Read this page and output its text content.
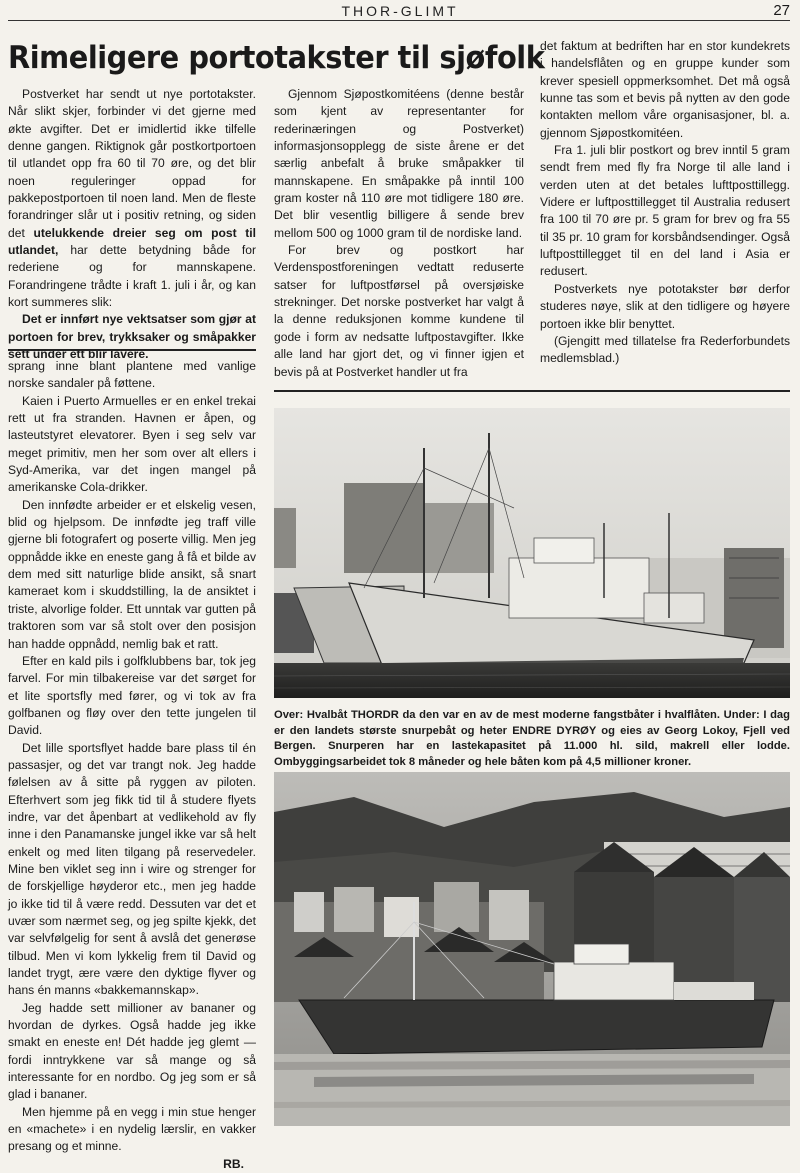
THOR-GLIMT	27
Rimeligere portotakster til sjøfolk

Postverket har sendt ut nye portotakster. Når slikt skjer, forbinder vi det gjerne med økte avgifter. Det er imidlertid ikke tilfelle denne gangen. Riktignok går postkortportoen til utlandet opp fra 60 til 70 øre, og det blir noen reguleringer oppad for pakkepostportoen til noen land. Men de fleste forandringer slår ut i positiv retning, og siden det utelukkende dreier seg om post til utlandet, har dette betydning både for rederiene og for mannskapene. Forandringene trådte i kraft 1. juli i år, og kan kort summeres slik:

Det er innført nye vektsatser som gjør at portoen for brev, trykksaker og småpakker sett under ett blir lavere.

Gjennom Sjøpostkomitéens (denne består som kjent av representanter for rederinæringen og Postverket) informasjonsopplegg de siste årene er det særlig anbefalt å bruke småpakker til mannskapene. En småpakke på inntil 100 gram koster nå 110 øre mot tidligere 180 øre. Det blir vesentlig billigere å sende brev mellom 500 og 1000 gram til de nordiske land.

For brev og postkort har Verdenspostforeningen vedtatt reduserte satser for luftpostførsel på oversjøiske strekninger. Det norske postverket har valgt å la denne reduksjonen komme kundene til gode i form av nedsatte luftpostavgifter. Ikke alle land har gjort det, og vi finner igjen et bevis på at Postverket handler ut fra

det faktum at bedriften har en stor kundekrets i handelsflåten og en gruppe kunder som krever spesiell oppmerksomhet. Det må også kunne tas som et bevis på nytten av den gode kontakten mellom våre organisasjoner, bl. a. gjennom Sjøpostkomitéen.

Fra 1. juli blir postkort og brev inntil 5 gram sendt frem med fly fra Norge til alle land i verden uten at det betales lufttposttillegg. Videre er luftposttillegget til Australia redusert fra 100 til 70 øre pr. 5 gram for brev og fra 55 til 35 pr. 10 gram for korsbåndsendinger. Også luftposttillegget til en del land i Asia er redusert.

Postverkets nye pototakster bør derfor studeres nøye, slik at den tidligere og høyere portoen ikke blir benyttet.

(Gjengitt med tillatelse fra Rederforbundets medlemsblad.)

sprang inne blant plantene med vanlige norske sandaler på føttene.

Kaien i Puerto Armuelles er en enkel trekai rett ut fra stranden. Havnen er åpen, og lasteutstyret elevatorer. Byen i seg selv var meget primitiv, men her som over alt ellers i Syd-Amerika, var det ingen mangel på amerikanske Cola-drikker.

Den innfødte arbeider er et elskelig vesen, blid og hjelpsom. De innfødte jeg traff ville gjerne bli fotografert og poserte villig. Men jeg oppnådde ikke en eneste gang å få et bilde av dem med sitt naturlige blide ansikt, så snart kameraet kom i skuddstilling, la de ansiktet i triste, alvorlige folder. Ett unntak var gutten på traktoren som var så stolt over den posisjon han hadde oppnådd, nemlig bak et ratt.

Efter en kald pils i golfklubbens bar, tok jeg farvel. For min tilbakereise var det sørget for et lite sportsfly med fører, og vi tok av fra golfbanen og fløy over den tette jungelen til David.

Det lille sportsflyet hadde bare plass til én passasjer, og det var trangt nok. Jeg hadde følelsen av å sitte på ryggen av piloten. Efterhvert som jeg fikk tid til å studere flyets indre, var det åpenbart at vedlikehold av fly inne i den Panamanske jungel ikke var så helt enkelt og med liten tilgang på reservedeler. Mine ben viklet seg inn i wire og strenger for de forskjellige høyderor etc., men jeg hadde jo ikke tid til å være redd. Dessuten var det et uvær som nærmet seg, og jeg spilte kjekk, det var selvfølgelig for sent å avslå det generøse tilbud. Men vi kom lykkelig frem til David og landet trygt, ære være den dyktige flyver og hans én manns «bakkemannskap».

Jeg hadde sett millioner av bananer og hvordan de dyrkes. Også hadde jeg ikke smakt en eneste en! Dét hadde jeg glemt — fordi inntrykkene var så mange og så interessante for en nordbo. Og jeg som er så glad i bananer.

Men hjemme på en vegg i min stue henger en «machete» i en nydelig lærslir, en vakker presang og et minne.

RB.
Over: Hvalbåt THORDR da den var en av de mest moderne fangstbåter i hvalflåten. Under: I dag er den landets største snurpebåt og heter ENDRE DYRØY og eies av Georg Lokoy, Fjell ved Bergen. Snurperen har en lastekapasitet på 11.000 hl. sild, makrell eller lodde. Ombyggingsarbeidet tok 8 måneder og hele båten kom på 4,5 millioner kroner.
